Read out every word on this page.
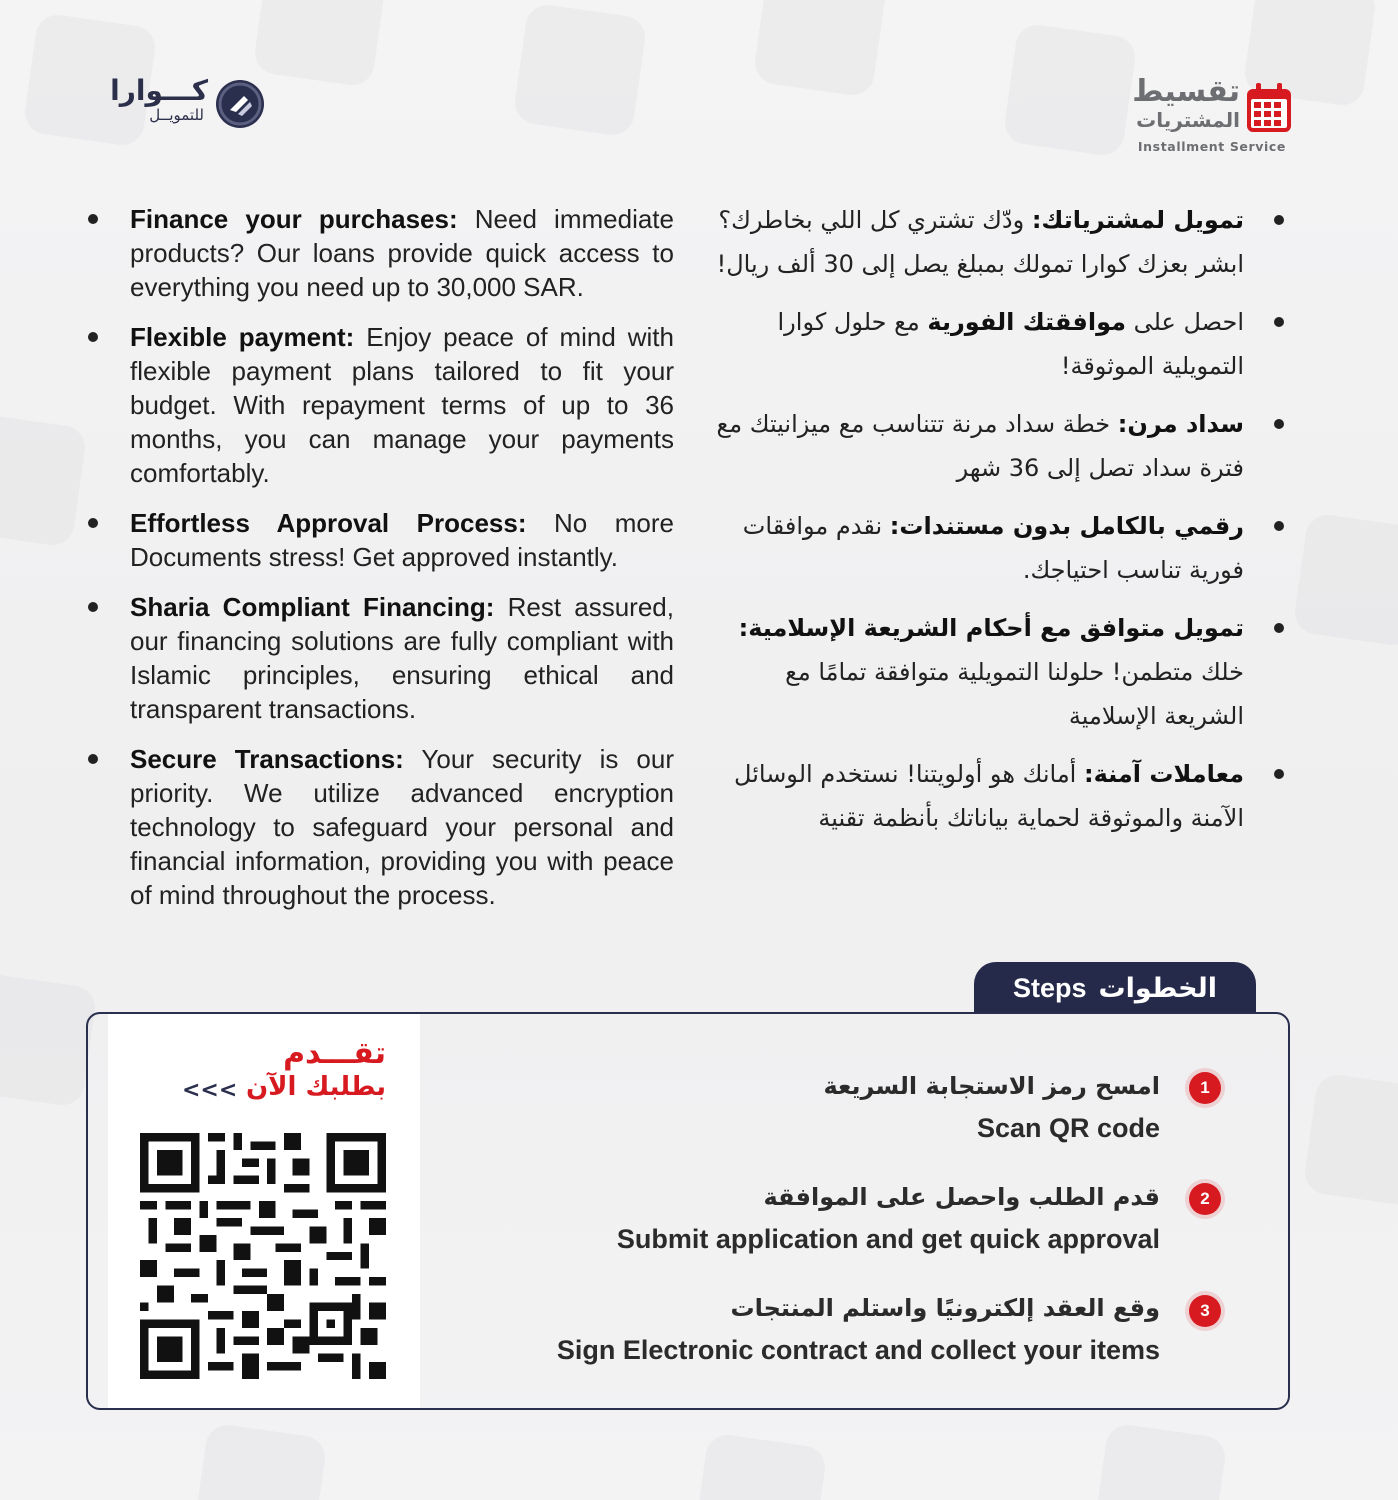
تقسيط
المشتريات
Installment Service
كـــوارا
للتمويــل
Finance your purchases: Need immediate products? Our loans provide quick access to everything you need up to 30,000 SAR.
Flexible payment: Enjoy peace of mind with flexible payment plans tailored to fit your budget. With repayment terms of up to 36 months, you can manage your payments comfortably.
Effortless Approval Process: No more Documents stress! Get approved instantly.
Sharia Compliant Financing: Rest assured, our financing solutions are fully compliant with Islamic principles, ensuring ethical and transparent transactions.
Secure Transactions: Your security is our priority. We utilize advanced encryption technology to safeguard your personal and financial information, providing you with peace of mind throughout the process.
تمويل لمشترياتك: ودّك تشتري كل اللي بخاطرك؟ ابشر بعزك كوارا تمولك بمبلغ يصل إلى 30 ألف ريال!
احصل على موافقتك الفورية مع حلول كوارا التمويلية الموثوقة!
سداد مرن: خطة سداد مرنة تتناسب مع ميزانيتك مع فترة سداد تصل إلى 36 شهر
رقمي بالكامل بدون مستندات: نقدم موافقات فورية تناسب احتياجك.
تمويل متوافق مع أحكام الشريعة الإسلامية: خلك متطمن! حلولنا التمويلية متوافقة تمامًا مع الشريعة الإسلامية
معاملات آمنة: أمانك هو أولويتنا! نستخدم الوسائل الآمنة والموثوقة لحماية بياناتك بأنظمة تقنية
Steps الخطوات
تقـــدم
بطلبك الآن
<<<	امسح رمز الاستجابة السريعة
Scan QR code
1
قدم الطلب واحصل على الموافقة
Submit application and get quick approval
2
وقع العقد إلكترونيًا واستلم المنتجات
Sign Electronic contract and collect your items
3
